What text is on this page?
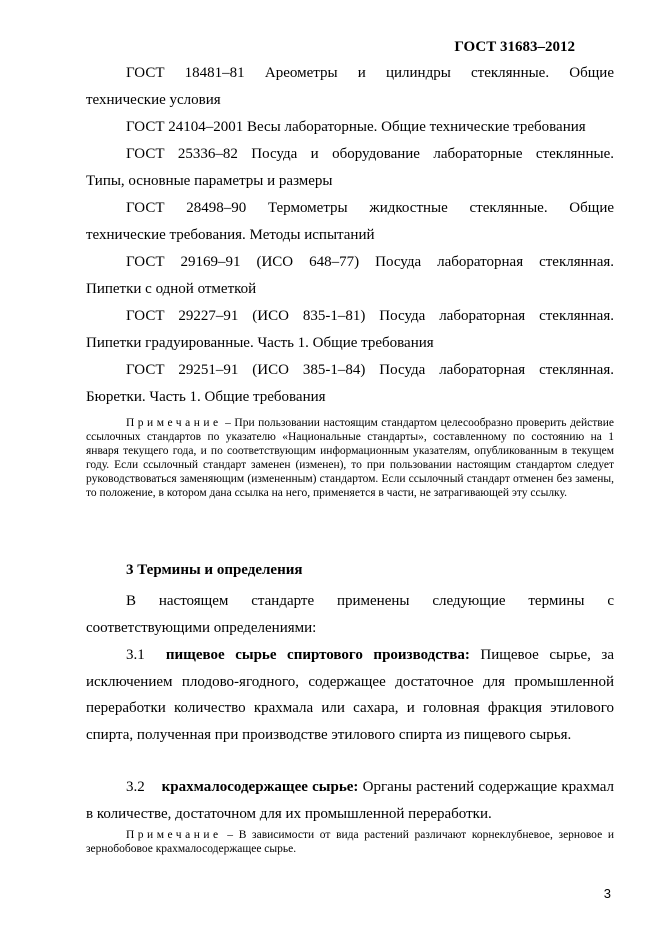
ГОСТ 31683–2012

ГОСТ 18481–81 Ареометры и цилиндры стеклянные. Общие
технические условия

ГОСТ 24104–2001 Весы лабораторные. Общие технические требования

ГОСТ 25336–82 Посуда и оборудование лабораторные стеклянные.
Типы, основные параметры и размеры

ГОСТ 28498–90 Термометры жидкостные стеклянные. Общие
технические требования. Методы испытаний

ГОСТ 29169–91 (ИСО 648–77) Посуда лабораторная стеклянная.
Пипетки с одной отметкой

ГОСТ 29227–91 (ИСО 835-1–81) Посуда лабораторная стеклянная.
Пипетки градуированные. Часть 1. Общие требования

ГОСТ 29251–91 (ИСО 385-1–84) Посуда лабораторная стеклянная.
Бюретки. Часть 1. Общие требования

Примечание – При пользовании настоящим стандартом целесообразно проверить действие ссылочных стандартов по указателю «Национальные стандарты», составленному по состоянию на 1 января текущего года, и по соответствующим информационным указателям, опубликованным в текущем году. Если ссылочный стандарт заменен (изменен), то при пользовании настоящим стандартом следует руководствоваться заменяющим (измененным) стандартом. Если ссылочный стандарт отменен без замены, то положение, в котором дана ссылка на него, применяется в части, не затрагивающей эту ссылку.

3 Термины и определения

В настоящем стандарте применены следующие термины с
соответствующими определениями:

3.1 пищевое сырье спиртового производства: Пищевое сырье, за исключением плодово-ягодного, содержащее достаточное для промышленной переработки количество крахмала или сахара, и головная фракция этилового спирта, полученная при производстве этилового спирта из пищевого сырья.

3.2 крахмалосодержащее сырье: Органы растений содержащие крахмал в количестве, достаточном для их промышленной переработки.

Примечание – В зависимости от вида растений различают корнеклубневое, зерновое и зернобобовое крахмалосодержащее сырье.

3
